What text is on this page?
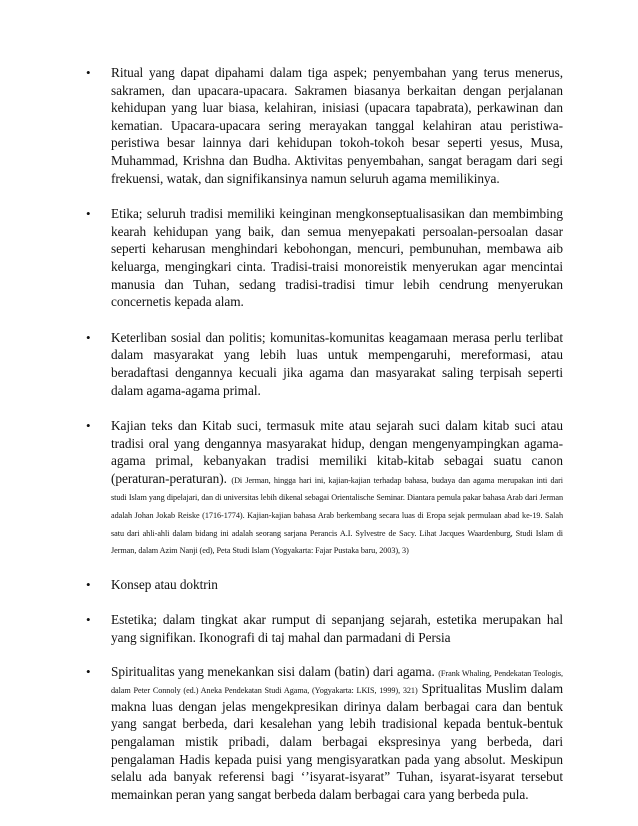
• Ritual yang dapat dipahami dalam tiga aspek; penyembahan yang terus menerus, sakramen, dan upacara-upacara. Sakramen biasanya berkaitan dengan perjalanan kehidupan yang luar biasa, kelahiran, inisiasi (upacara tapabrata), perkawinan dan kematian. Upacara-upacara sering merayakan tanggal kelahiran atau peristiwa-peristiwa besar lainnya dari kehidupan tokoh-tokoh besar seperti yesus, Musa, Muhammad, Krishna dan Budha. Aktivitas penyembahan, sangat beragam dari segi frekuensi, watak, dan signifikansinya namun seluruh agama memilikinya.
• Etika; seluruh tradisi memiliki keinginan mengkonseptualisasikan dan membimbing kearah kehidupan yang baik, dan semua menyepakati persoalan-persoalan dasar seperti keharusan menghindari kebohongan, mencuri, pembunuhan, membawa aib keluarga, mengingkari cinta. Tradisi-traisi monoreistik menyerukan agar mencintai manusia dan Tuhan, sedang tradisi-tradisi timur lebih cendrung menyerukan concernetis kepada alam.
• Keterliban sosial dan politis; komunitas-komunitas keagamaan merasa perlu terlibat dalam masyarakat yang lebih luas untuk mempengaruhi, mereformasi, atau beradaftasi dengannya kecuali jika agama dan masyarakat saling terpisah seperti dalam agama-agama primal.
• Kajian teks dan Kitab suci, termasuk mite atau sejarah suci dalam kitab suci atau tradisi oral yang dengannya masyarakat hidup, dengan mengenyampingkan agama-agama primal, kebanyakan tradisi memiliki kitab-kitab sebagai suatu canon (peraturan-peraturan). (Di Jerman, hingga hari ini, kajian-kajian terhadap bahasa, budaya dan agama merupakan inti dari studi Islam yang dipelajari, dan di universitas lebih dikenal sebagai Orientalische Seminar. Diantara pemula pakar bahasa Arab dari Jerman adalah Johan Jokab Reiske (1716-1774). Kajian-kajian bahasa Arab berkembang secara luas di Eropa sejak permulaan abad ke-19. Salah satu dari ahli-ahli dalam bidang ini adalah seorang sarjana Perancis A.I. Sylvestre de Sacy. Lihat Jacques Waardenburg, Studi Islam di Jerman, dalam Azim Nanji (ed), Peta Studi Islam (Yogyakarta: Fajar Pustaka baru, 2003), 3)
• Konsep atau doktrin
• Estetika; dalam tingkat akar rumput di sepanjang sejarah, estetika merupakan hal yang signifikan. Ikonografi di taj mahal dan parmadani di Persia
• Spiritualitas yang menekankan sisi dalam (batin) dari agama. (Frank Whaling, Pendekatan Teologis, dalam Peter Connoly (ed.) Aneka Pendekatan Studi Agama, (Yogyakarta: LKIS, 1999), 321) Spritualitas Muslim dalam makna luas dengan jelas mengekpresikan dirinya dalam berbagai cara dan bentuk yang sangat berbeda, dari kesalehan yang lebih tradisional kepada bentuk-bentuk pengalaman mistik pribadi, dalam berbagai ekspresinya yang berbeda, dari pengalaman Hadis kepada puisi yang mengisyaratkan pada yang absolut. Meskipun selalu ada banyak referensi bagi ‘’isyarat-isyarat” Tuhan, isyarat-isyarat tersebut memainkan peran yang sangat berbeda dalam berbagai cara yang berbeda pula.
